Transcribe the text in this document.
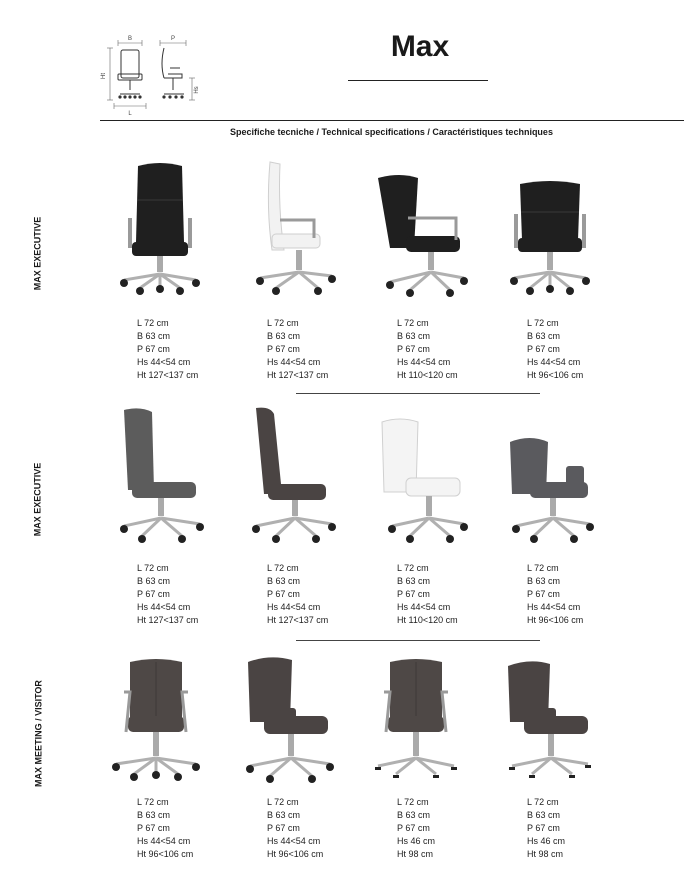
B	P
Ht
Hs
L
Max
Specifiche tecniche / Technical specifications / Caractéristiques techniques
MAX EXECUTIVE
MAX EXECUTIVE
MAX MEETING / VISITOR
L 72 cm
B 63 cm
P 67 cm
Hs 44<54 cm
Ht 127<137 cm
L 72 cm
B 63 cm
P 67 cm
Hs 44<54 cm
Ht 127<137 cm
L 72 cm
B 63 cm
P 67 cm
Hs 44<54 cm
Ht 110<120 cm
L 72 cm
B 63 cm
P 67 cm
Hs 44<54 cm
Ht 96<106 cm
L 72 cm
B 63 cm
P 67 cm
Hs 44<54 cm
Ht 127<137 cm
L 72 cm
B 63 cm
P 67 cm
Hs 44<54 cm
Ht 127<137 cm
L 72 cm
B 63 cm
P 67 cm
Hs 44<54 cm
Ht 110<120 cm
L 72 cm
B 63 cm
P 67 cm
Hs 44<54 cm
Ht 96<106 cm
L 72 cm
B 63 cm
P 67 cm
Hs 44<54 cm
Ht 96<106 cm
L 72 cm
B 63 cm
P 67 cm
Hs 44<54 cm
Ht 96<106 cm
L 72 cm
B 63 cm
P 67 cm
Hs 46 cm
Ht 98 cm
L 72 cm
B 63 cm
P 67 cm
Hs 46 cm
Ht 98 cm
